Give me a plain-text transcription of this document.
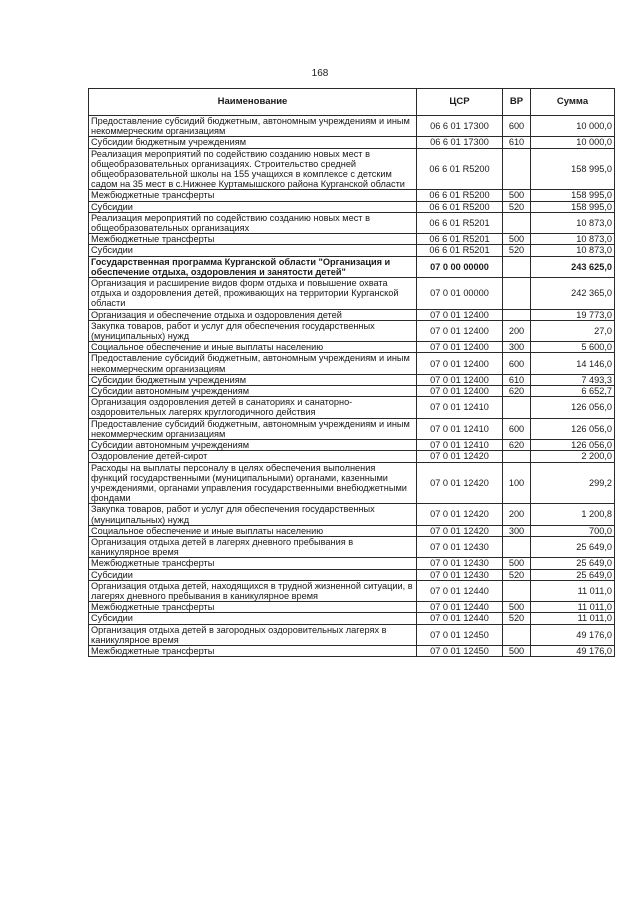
168
Наименование	ЦСР	ВР	Сумма
Предоставление субсидий бюджетным, автономным учреждениям и иным некоммерческим организациям	06 6 01 17300	600	10 000,0
Субсидии бюджетным учреждениям	06 6 01 17300	610	10 000,0
Реализация мероприятий по содействию созданию новых мест в общеобразовательных организациях. Строительство средней общеобразовательной школы на 155 учащихся в комплексе с детским садом на 35 мест в с.Нижнее Куртамышского района Курганской области	06 6 01 R5200		158 995,0
Межбюджетные трансферты	06 6 01 R5200	500	158 995,0
Субсидии	06 6 01 R5200	520	158 995,0
Реализация мероприятий по содействию созданию новых мест в общеобразовательных организациях	06 6 01 R5201		10 873,0
Межбюджетные трансферты	06 6 01 R5201	500	10 873,0
Субсидии	06 6 01 R5201	520	10 873,0
Государственная программа Курганской области "Организация и обеспечение отдыха, оздоровления и занятости детей"	07 0 00 00000		243 625,0
Организация и расширение видов форм отдыха и повышение охвата отдыха и оздоровления детей, проживающих на территории Курганской области	07 0 01 00000		242 365,0
Организация и обеспечение отдыха и оздоровления детей	07 0 01 12400		19 773,0
Закупка товаров, работ и услуг для обеспечения государственных (муниципальных) нужд	07 0 01 12400	200	27,0
Социальное обеспечение и иные выплаты населению	07 0 01 12400	300	5 600,0
Предоставление субсидий бюджетным, автономным учреждениям и иным некоммерческим организациям	07 0 01 12400	600	14 146,0
Субсидии бюджетным учреждениям	07 0 01 12400	610	7 493,3
Субсидии автономным учреждениям	07 0 01 12400	620	6 652,7
Организация оздоровления детей в санаториях и санаторно-оздоровительных лагерях круглогодичного действия	07 0 01 12410		126 056,0
Предоставление субсидий бюджетным, автономным учреждениям и иным некоммерческим организациям	07 0 01 12410	600	126 056,0
Субсидии автономным учреждениям	07 0 01 12410	620	126 056,0
Оздоровление детей-сирот	07 0 01 12420		2 200,0
Расходы на выплаты персоналу в целях обеспечения выполнения функций государственными (муниципальными) органами, казенными учреждениями, органами управления государственными внебюджетными фондами	07 0 01 12420	100	299,2
Закупка товаров, работ и услуг для обеспечения государственных (муниципальных) нужд	07 0 01 12420	200	1 200,8
Социальное обеспечение и иные выплаты населению	07 0 01 12420	300	700,0
Организация отдыха детей в лагерях дневного пребывания в каникулярное время	07 0 01 12430		25 649,0
Межбюджетные трансферты	07 0 01 12430	500	25 649,0
Субсидии	07 0 01 12430	520	25 649,0
Организация отдыха детей, находящихся в трудной жизненной ситуации, в лагерях дневного пребывания в каникулярное время	07 0 01 12440		11 011,0
Межбюджетные трансферты	07 0 01 12440	500	11 011,0
Субсидии	07 0 01 12440	520	11 011,0
Организация отдыха детей в загородных оздоровительных лагерях в каникулярное время	07 0 01 12450		49 176,0
Межбюджетные трансферты	07 0 01 12450	500	49 176,0
